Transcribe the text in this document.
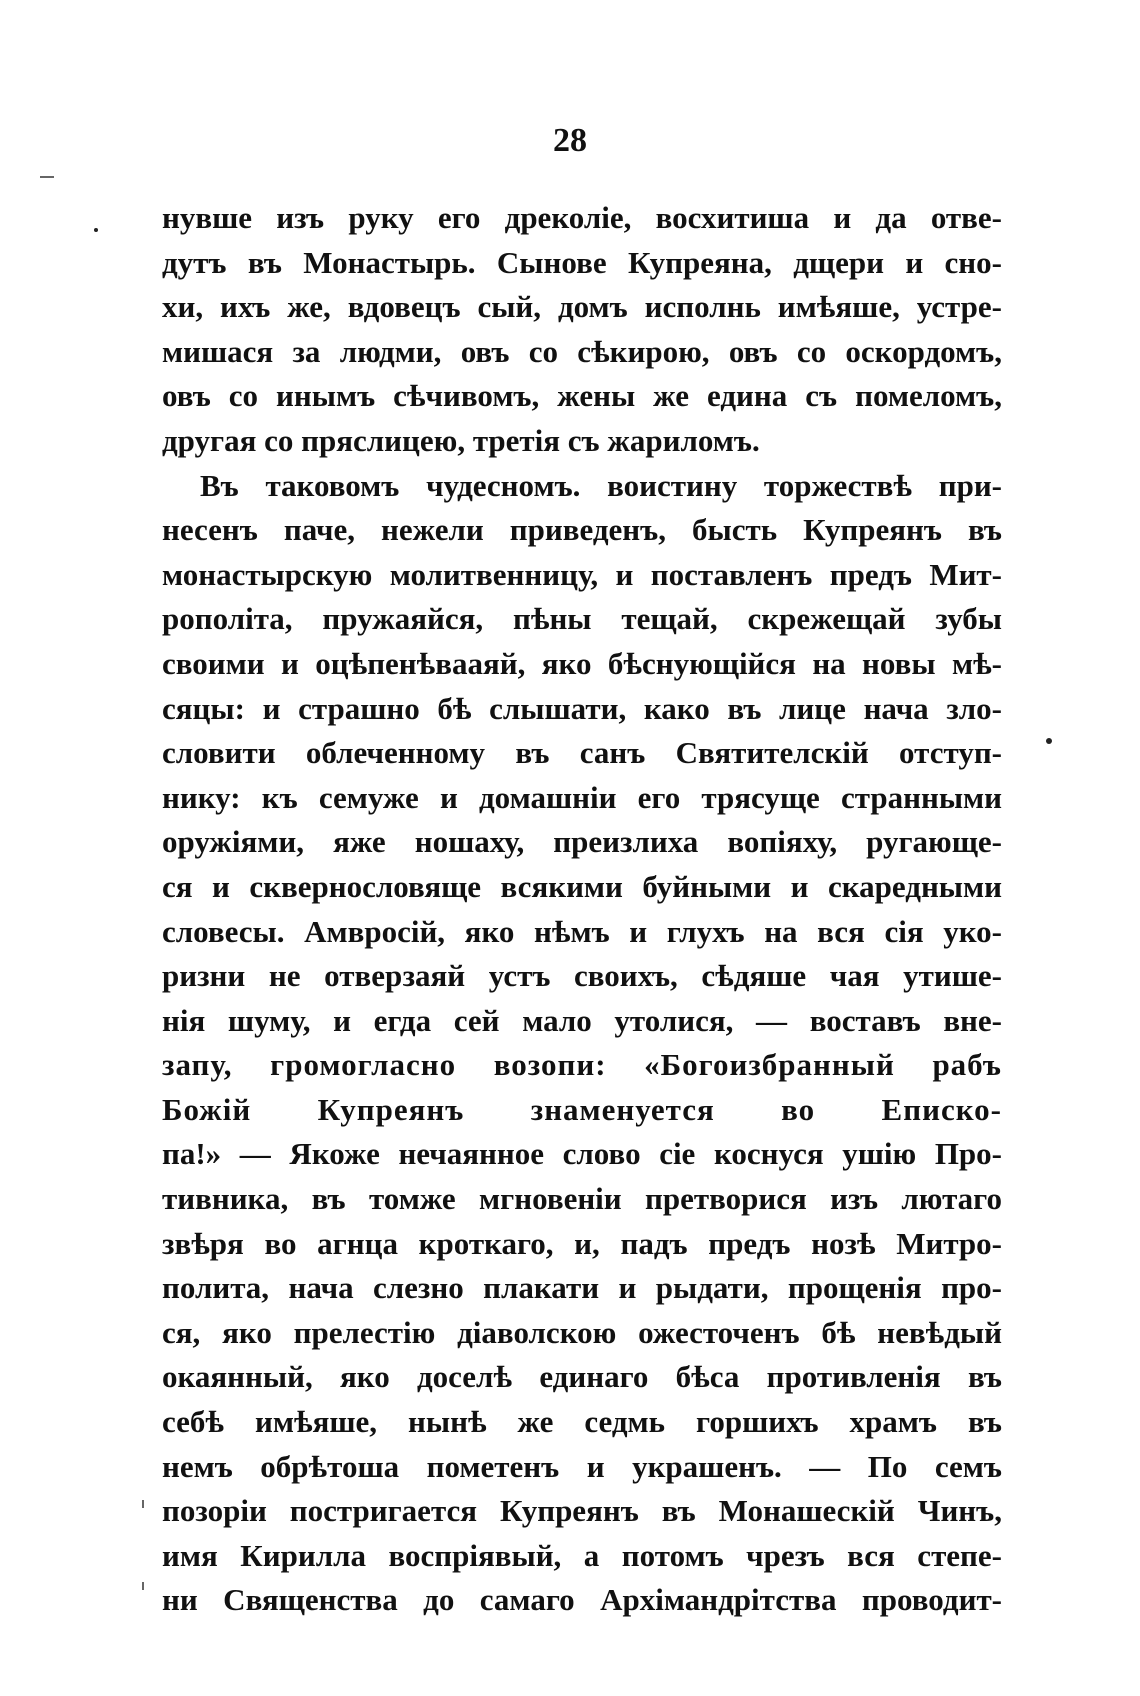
28
нувше изъ руку его дреколіе, восхитиша и да отве-
дутъ въ Монастырь. Сынове Купреяна, дщери и сно-
хи, ихъ же, вдовецъ сый, домъ исполнь имѣяше, устре-
мишася за людми, овъ со сѣкирою, овъ со оскордомъ,
овъ со инымъ сѣчивомъ, жены же едина съ помеломъ,
другая со пряслицею, третія съ жариломъ.
Въ таковомъ чудесномъ. воистину торжествѣ при-
несенъ паче, нежели приведенъ, бысть Купреянъ въ
монастырскую молитвенницу, и поставленъ предъ Мит-
рополіта, пружаяйся, пѣны тещай, скрежещай зубы
своими и оцѣпенѣвааяй, яко бѣснующійся на новы мѣ-
сяцы: и страшно бѣ слышати, како въ лице нача зло-
словити облеченному въ санъ Святителскій отступ-
нику: къ семуже и домашніи его трясуще странными
оружіями, яже ношаху, преизлиха вопіяху, ругающе-
ся и сквернословяще всякими буйными и скаредными
словесы. Амвросій, яко нѣмъ и глухъ на вся сія уко-
ризни не отверзаяй устъ своихъ, сѣдяше чая утише-
нія шуму, и егда сей мало утолися, — воставъ вне-
запу, громогласно возопи: «Богоизбранный рабъ
Божій Купреянъ знаменуется во Еписко-
па!» — Якоже нечаянное слово сіе коснуся ушію Про-
тивника, въ томже мгновеніи претворися изъ лютаго
звѣря во агнца кроткаго, и, падъ предъ нозѣ Митро-
полита, нача слезно плакати и рыдати, прощенія про-
ся, яко прелестію діаволскою ожесточенъ бѣ невѣдый
окаянный, яко доселѣ единаго бѣса противленія въ
себѣ имѣяше, нынѣ же седмь горшихъ храмъ въ
немъ обрѣтоша пометенъ и украшенъ. — По семъ
позоріи постригается Купреянъ въ Монашескій Чинъ,
имя Кирилла воспріявый, а потомъ чрезъ вся степе-
ни Священства до самаго Архімандрітства проводит-
